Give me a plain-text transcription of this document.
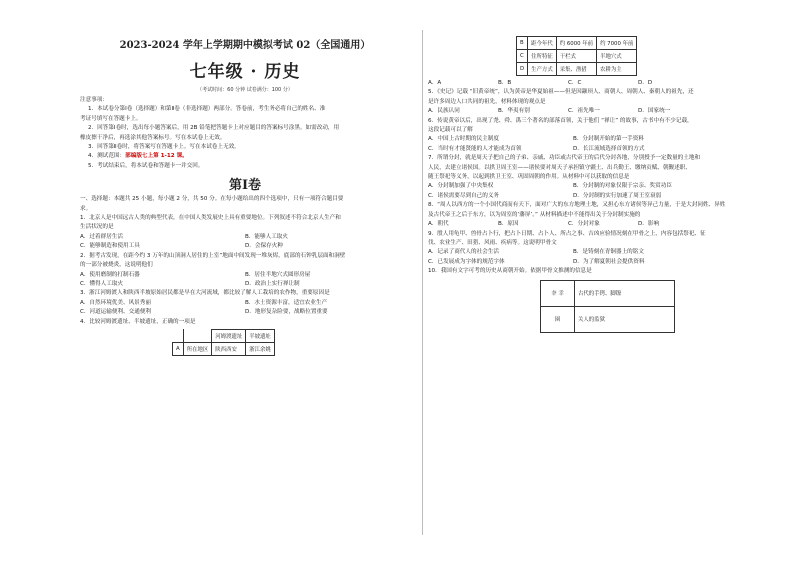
2023-2024 学年上学期期中模拟考试 02（全国通用）
七年级 · 历史
（考试时间：60 分钟 试卷满分：100 分）
注意事项：
1．本试卷分第Ⅰ卷（选择题）和第Ⅱ卷（非选择题）两部分。答卷前，考生务必将自己的姓名、准
考证号填写在答题卡上。
2．回答第Ⅰ卷时，选出每小题答案后，用 2B 铅笔把答题卡上对应题目的答案标号涂黑。如需改动，用
橡皮擦干净后，再选涂其他答案标号。写在本试卷上无效。
3．回答第Ⅱ卷时，将答案写在答题卡上。写在本试卷上无效。
4．测试范围：部编版七上第 1-12 课。
5．考试结束后，将本试卷和答题卡一并交回。
第Ⅰ卷
一、选择题：本题共 25 小题，每小题 2 分，共 50 分。在每小题给出的四个选项中，只有一项符合题目要
求。
1．北京人是中国远古人类的典型代表，在中国人类发展史上具有重要地位。下列叙述不符合北京人生产和
生活状况的是
A．过着群居生活	B．能够人工取火
C．能够制造和使用工具	D．会保存火种
2．据考古发现，在距今约 3 万年的山顶洞人居住的上室”地面中间发现一堆灰烬，底部的石钟乳层面和洞壁
的一部分被烧炎，这说明他们
A．使用磨制的打制石器	B．居住半地穴式圆形房屋
C．懂得人工取火	D．政治上实行禅让制
3．浙江河姆渡人和陕西半坡原始居民都是早在大河流域，都比较了解人工栽培的农作物，重要原因是
A．自然环境优美、风景秀丽	B．水土资源丰富，适宜农业生产
C．河道运输便利、交通便利	D．地形复杂险要，战略位置重要
4．比较河姆渡遗址、半坡遗址，正确的一项是
		河姆渡遗址	半坡遗址
A	所在地区	陕西西安	浙江余姚
B	距今年代	约 6000 年前	约 7000 年前
C	住所特征	干栏式	半地穴式
D	生产方式	采集、渔猎	农耕为主
A．A	B．B	C．C	D．D
5．《史记》记载 “旧黄帝统”，认为黄帝是华夏始祖——但是因颛顼人、商朝人、周朝人、秦朝人的祖先，还
是许多周边人口共同的祖先，材料体现的观点是
A．民族认同	B．华夷有别	C．祖先唯一	D．国家统一
6．传说黄帝以后，出现了尧、舜、禹三个著名的部落首领，关于他们 “禅让” 的故事，古书中有不少记载，
这段记载可以了解
A．中国上古时期的民主制度	B．分封制开始的第一手资料
C．当时有才能贤能的人才能成为首领	D．长江流域选择首领的方式
7．所谓分封，就是周天子把自己的子弟、亲戚、功臣或古代帝王的后代分封各地，分别授予一定数量的土地和
人民，去建立诸侯国。以拱卫周王室——诸侯要对周天子承担镇守疆土、出兵勤王、缴纳贡赋、朝觐述职、
随王祭祀等义务，以起到拱卫王室、巩固周朝的作用。从材料中可以获取的信息是
A．分封制加强了中央集权	B．分封制的对象仅限于宗亲、奖赏功臣
C．诸侯需要尽到自己的义务	D．分封制的实行加速了周王室衰弱
8．“周人以西方的一个小国代商而有天下，面对广大的东方地理土地，又担心东方诸侯等异己力量，于是大封同姓、异姓
及古代帝王之后于东方，以为周室的‘藩屏’。” 从材料描述中不能得出关于分封制实施的
A．朝代	B．原因	C．分封对象	D．影响
9．殷人用龟甲、兽骨占卜行，把占卜日期、占卜人、所占之事、吉凶应验情况刻在甲骨之上，内容包括祭祀、征
伐、农业生产、田猎、风雨、疾病等。这说明甲骨文
A．记录了商代人的社会生活	B．是铸刻在青铜器上的铭文
C．已发展成为字体的规范字体	D．为了解夏朝社会提供资料
10．我国有文字可考的历史从商朝开始。依据甲骨文推测的信息是
㚔 幸	古代的手铐、脚镣
圉	关人的监狱
